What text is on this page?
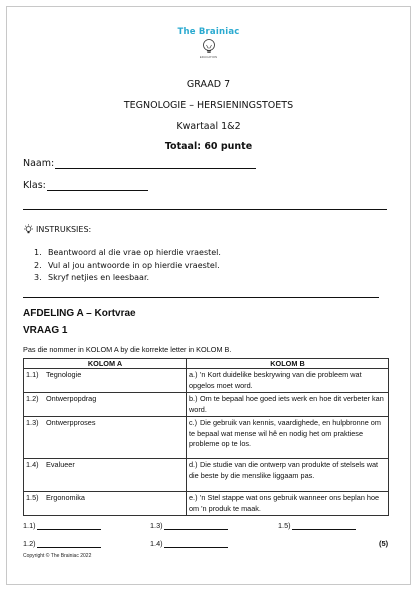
The Brainiac
EDUCATION
GRAAD 7
TEGNOLOGIE – HERSIENINGSTOETS
Kwartaal 1&2
Totaal: 60 punte
Naam:
Klas:
INSTRUKSIES:
1. Beantwoord al die vrae op hierdie vraestel.
2. Vul al jou antwoorde in op hierdie vraestel.
3. Skryf netjies en leesbaar.
AFDELING A – Kortvrae
VRAAG 1
Pas die nommer in KOLOM A by die korrekte letter in KOLOM B.
KOLOM A	KOLOM B
1.1) Tegnologie	a.) 'n Kort duidelike beskrywing van die probleem wat opgelos moet word.
1.2) Ontwerpopdrag	b.) Om te bepaal hoe goed iets werk en hoe dit verbeter kan word.
1.3) Ontwerpproses	c.) Die gebruik van kennis, vaardighede, en hulpbronne om te bepaal wat mense wil hê en nodig het om praktiese probleme op te los.
1.4) Evalueer	d.) Die studie van die ontwerp van produkte of stelsels wat die beste by die menslike liggaam pas.
1.5) Ergonomika	e.) 'n Stel stappe wat ons gebruik wanneer ons beplan hoe om 'n produk te maak.
1.1)	1.3)	1.5)
1.2)	1.4)	(5)
Copyright © The Brainiac 2022
